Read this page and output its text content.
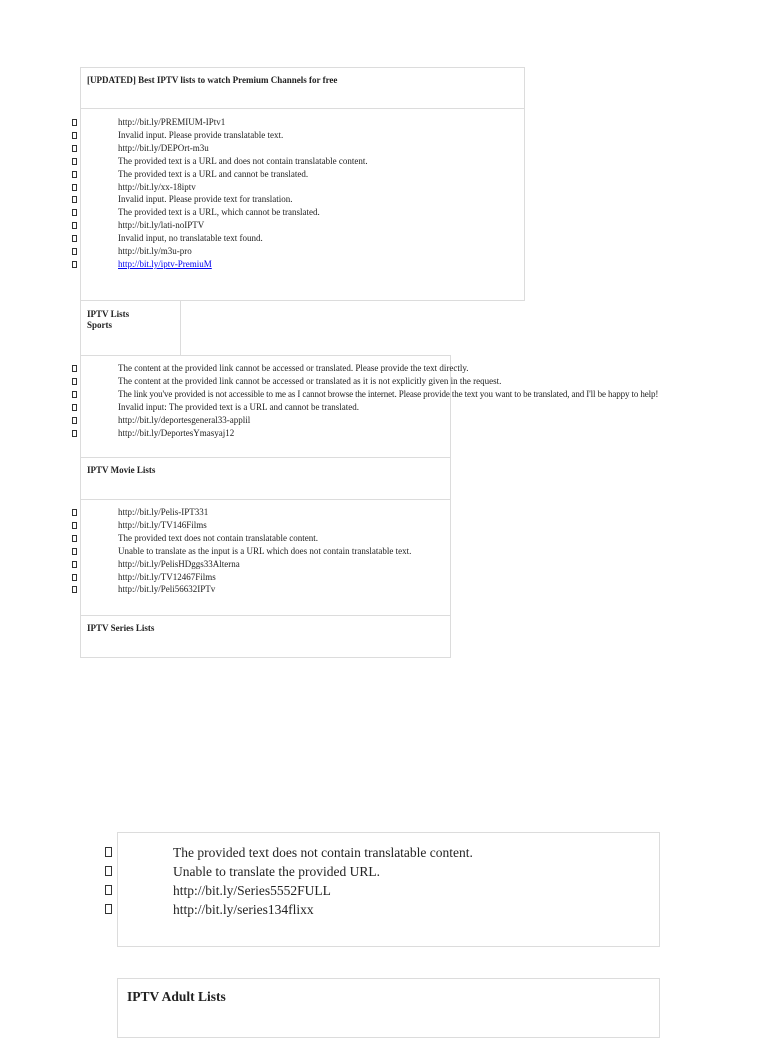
[UPDATED] Best IPTV lists to watch Premium Channels for free
http://bit.ly/PREMIUM-IPtv1
Invalid input. Please provide translatable text.
http://bit.ly/DEPOrt-m3u
The provided text is a URL and does not contain translatable content.
The provided text is a URL and cannot be translated.
http://bit.ly/xx-18iptv
Invalid input. Please provide text for translation.
The provided text is a URL, which cannot be translated.
http://bit.ly/lati-noIPTV
Invalid input, no translatable text found.
http://bit.ly/m3u-pro
http://bit.ly/iptv-PremiuM
IPTV Lists
Sports
The content at the provided link cannot be accessed or translated. Please provide the text directly.
The content at the provided link cannot be accessed or translated as it is not explicitly given in the request.
The link you've provided is not accessible to me as I cannot browse the internet. Please provide the text you want to be translated, and I'll be happy to help!
Invalid input: The provided text is a URL and cannot be translated.
http://bit.ly/deportesgeneral33-applil
http://bit.ly/DeportesYmasyaj12
IPTV Movie Lists
http://bit.ly/Pelis-IPT331
http://bit.ly/TV146Films
The provided text does not contain translatable content.
Unable to translate as the input is a URL which does not contain translatable text.
http://bit.ly/PelisHDggs33Alterna
http://bit.ly/TV12467Films
http://bit.ly/Peli56632IPTv
IPTV Series Lists
The provided text does not contain translatable content.
Unable to translate the provided URL.
http://bit.ly/Series5552FULL
http://bit.ly/series134flixx
IPTV Adult Lists
